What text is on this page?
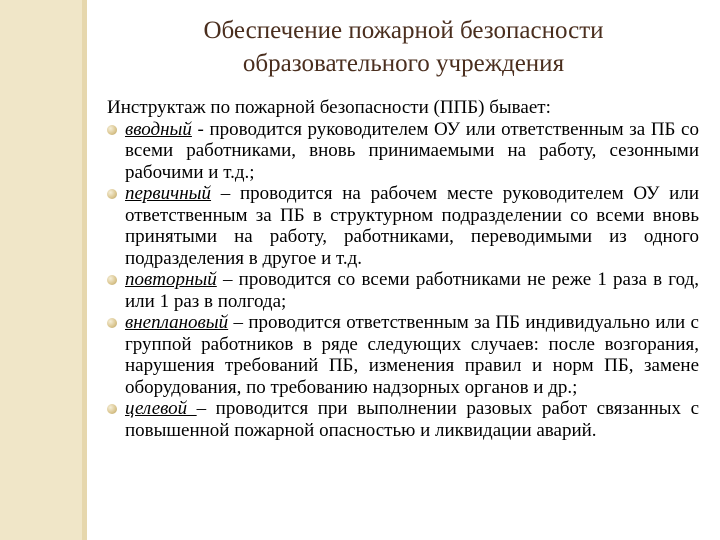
Обеспечение пожарной безопасности
образовательного учреждения

Инструктаж по пожарной безопасности (ППБ) бывает:

вводный - проводится руководителем ОУ или ответственным за ПБ со всеми работниками, вновь принимаемыми на работу, сезонными рабочими и т.д.;
первичный – проводится на рабочем месте руководителем ОУ или ответственным за ПБ в структурном подразделении со всеми вновь принятыми на работу, работниками, переводимыми из одного подразделения в другое и т.д.
повторный – проводится со всеми работниками не реже 1 раза в год, или 1 раз в полгода;
внеплановый – проводится ответственным за ПБ индивидуально или с группой работников в ряде следующих случаев: после возгорания, нарушения требований ПБ, изменения правил и норм ПБ, замене оборудования, по требованию надзорных органов и др.;
целевой – проводится при выполнении разовых работ связанных с повышенной пожарной опасностью и ликвидации аварий.
